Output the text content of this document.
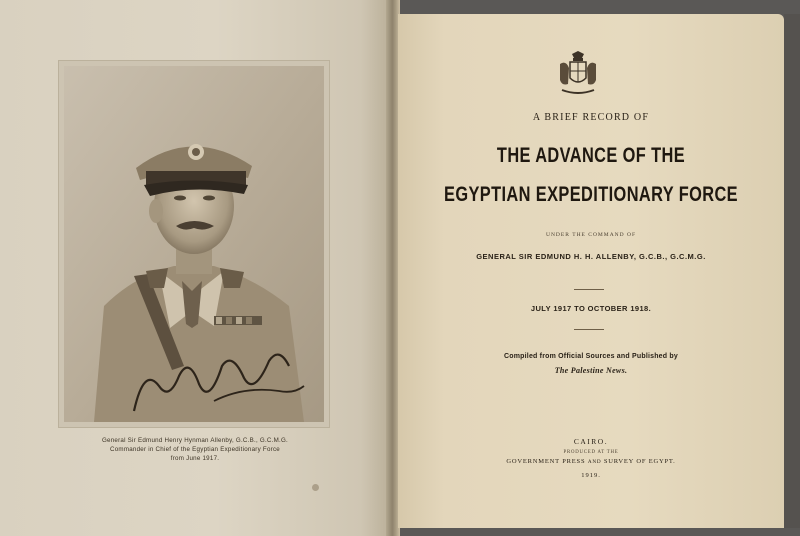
General Sir Edmund Henry Hynman Allenby, G.C.B., G.C.M.G.
Commander in Chief of the Egyptian Expeditionary Force
from June 1917.
A BRIEF RECORD OF
THE ADVANCE OF THE
EGYPTIAN EXPEDITIONARY FORCE
UNDER THE COMMAND OF
GENERAL SIR EDMUND H. H. ALLENBY, G.C.B., G.C.M.G.
JULY 1917 TO OCTOBER 1918.
Compiled from Official Sources and Published by
The Palestine News.
CAIRO.
PRODUCED AT THE
GOVERNMENT PRESS AND SURVEY OF EGYPT.
1919.
